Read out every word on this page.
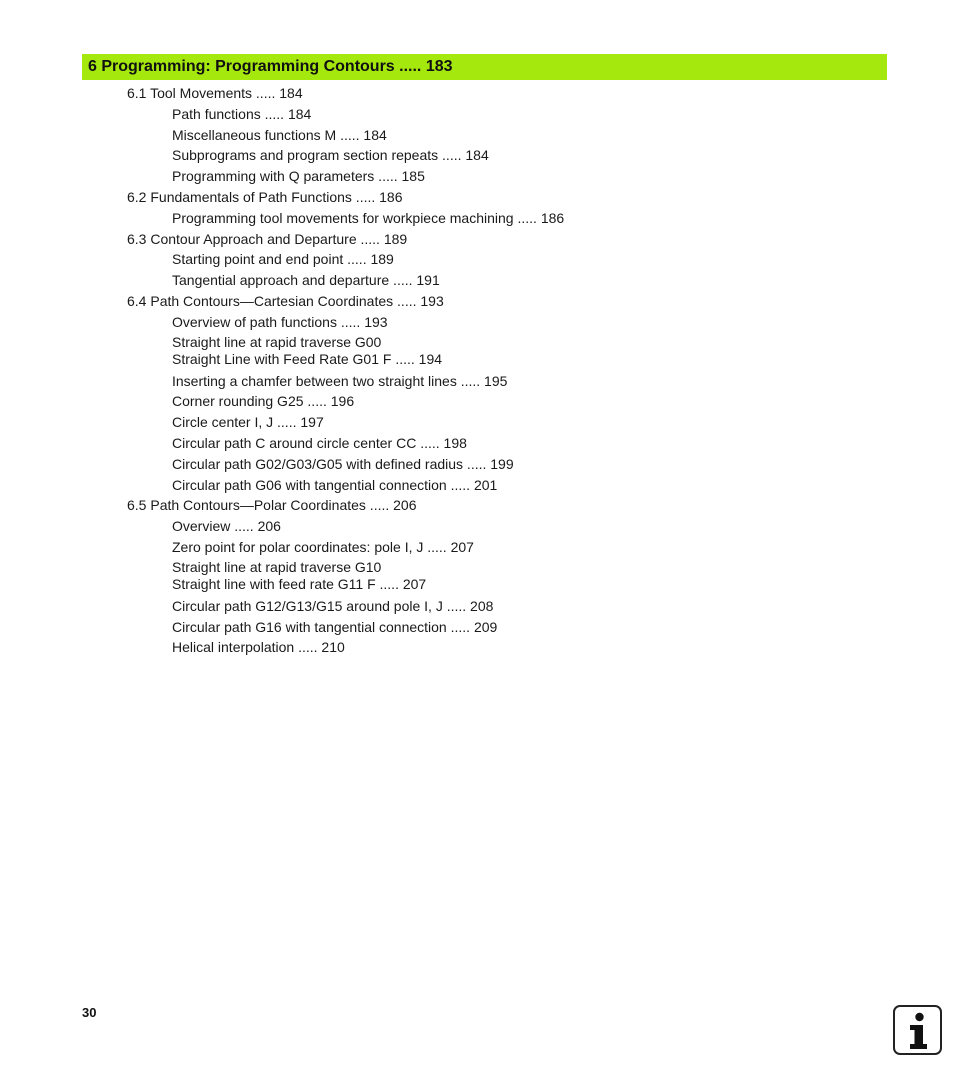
6 Programming: Programming Contours ..... 183
6.1 Tool Movements ..... 184
Path functions ..... 184
Miscellaneous functions M ..... 184
Subprograms and program section repeats ..... 184
Programming with Q parameters ..... 185
6.2 Fundamentals of Path Functions ..... 186
Programming tool movements for workpiece machining ..... 186
6.3 Contour Approach and Departure ..... 189
Starting point and end point ..... 189
Tangential approach and departure ..... 191
6.4 Path Contours—Cartesian Coordinates ..... 193
Overview of path functions ..... 193
Straight line at rapid traverse G00
Straight Line with Feed Rate G01 F ..... 194
Inserting a chamfer between two straight lines ..... 195
Corner rounding G25 ..... 196
Circle center I, J ..... 197
Circular path C around circle center CC ..... 198
Circular path G02/G03/G05 with defined radius ..... 199
Circular path G06 with tangential connection ..... 201
6.5 Path Contours—Polar Coordinates ..... 206
Overview ..... 206
Zero point for polar coordinates: pole I, J ..... 207
Straight line at rapid traverse G10
Straight line with feed rate G11 F ..... 207
Circular path G12/G13/G15 around pole I, J ..... 208
Circular path G16 with tangential connection ..... 209
Helical interpolation ..... 210
30
